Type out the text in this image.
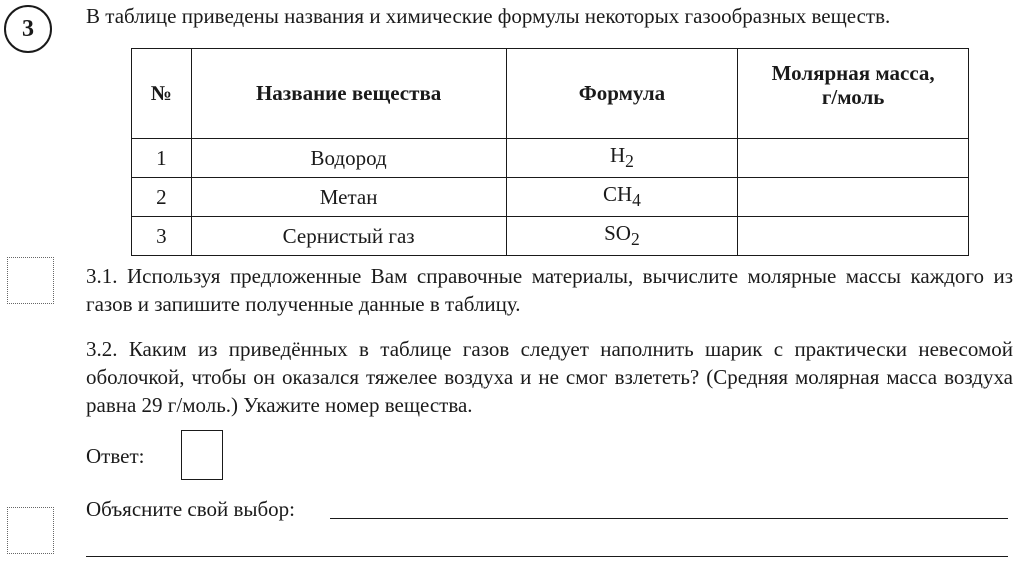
3	В таблице приведены названия и химические формулы некоторых газообразных веществ.
№	Название вещества	Формула	Молярная масса,
г/моль
1	Водород	$H_2$	
2	Метан	$CH_4$	
3	Сернистый газ	$SO_2$	
3.1. Используя предложенные Вам справочные материалы, вычислите молярные массы каждого из газов и запишите полученные данные в таблицу.
3.2. Каким из приведённых в таблице газов следует наполнить шарик с практически невесомой оболочкой, чтобы он оказался тяжелее воздуха и не смог взлететь? (Средняя молярная масса воздуха равна 29 г/моль.) Укажите номер вещества.
Ответ:
Объясните свой выбор:
